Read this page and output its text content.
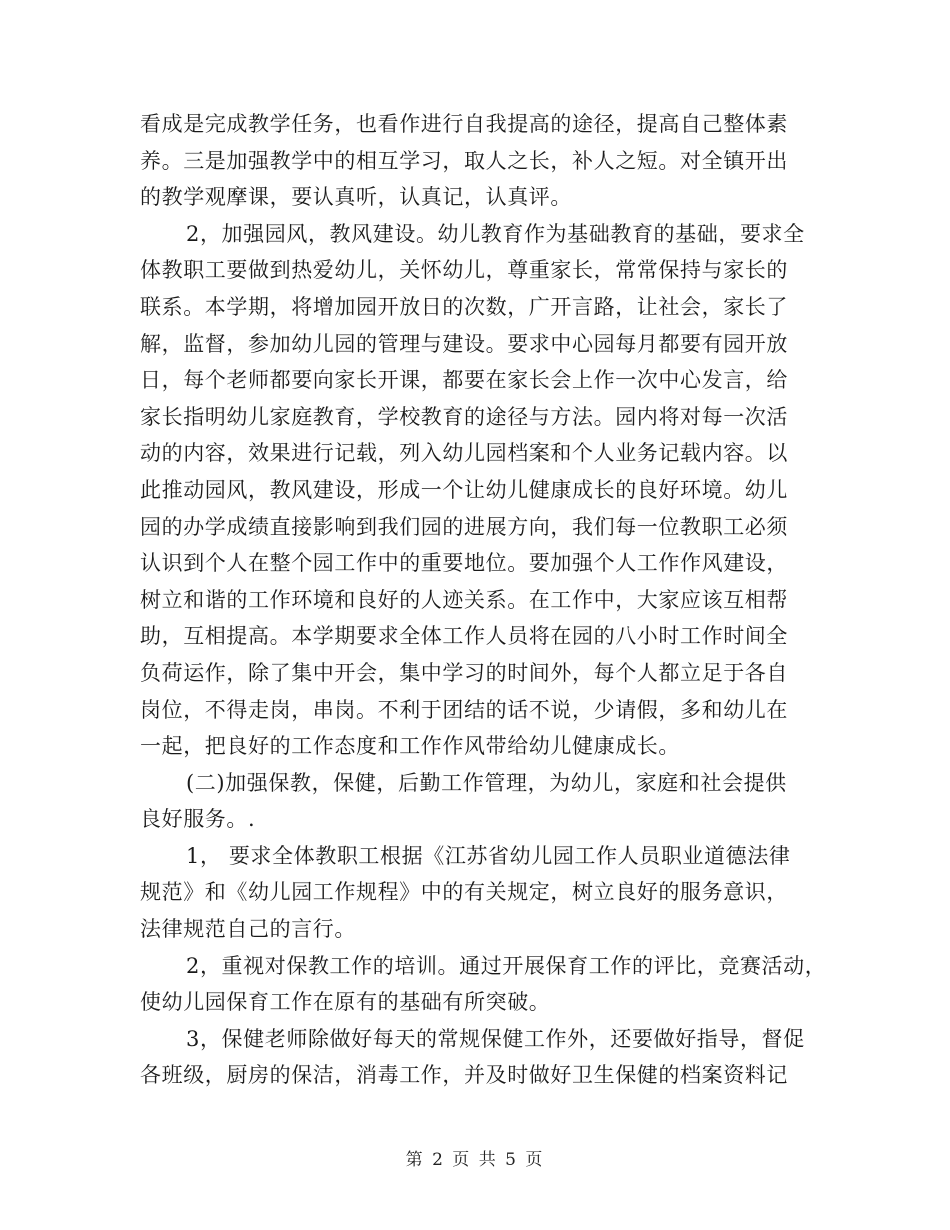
看成是完成教学任务，也看作进行自我提高的途径，提高自己整体素
养。三是加强教学中的相互学习，取人之长，补人之短。对全镇开出
的教学观摩课，要认真听，认真记，认真评。
2，加强园风，教风建设。幼儿教育作为基础教育的基础，要求全
体教职工要做到热爱幼儿，关怀幼儿，尊重家长，常常保持与家长的
联系。本学期，将增加园开放日的次数，广开言路，让社会，家长了
解，监督，参加幼儿园的管理与建设。要求中心园每月都要有园开放
日，每个老师都要向家长开课，都要在家长会上作一次中心发言，给
家长指明幼儿家庭教育，学校教育的途径与方法。园内将对每一次活
动的内容，效果进行记载，列入幼儿园档案和个人业务记载内容。以
此推动园风，教风建设，形成一个让幼儿健康成长的良好环境。幼儿
园的办学成绩直接影响到我们园的进展方向，我们每一位教职工必须
认识到个人在整个园工作中的重要地位。要加强个人工作作风建设，
树立和谐的工作环境和良好的人迹关系。在工作中，大家应该互相帮
助，互相提高。本学期要求全体工作人员将在园的八小时工作时间全
负荷运作，除了集中开会，集中学习的时间外，每个人都立足于各自
岗位，不得走岗，串岗。不利于团结的话不说，少请假，多和幼儿在
一起，把良好的工作态度和工作作风带给幼儿健康成长。
(二)加强保教，保健，后勤工作管理，为幼儿，家庭和社会提供
良好服务。.
1， 要求全体教职工根据《江苏省幼儿园工作人员职业道德法律
规范》和《幼儿园工作规程》中的有关规定，树立良好的服务意识，
法律规范自己的言行。
2，重视对保教工作的培训。通过开展保育工作的评比，竞赛活动，
使幼儿园保育工作在原有的基础有所突破。
3，保健老师除做好每天的常规保健工作外，还要做好指导，督促
各班级，厨房的保洁，消毒工作，并及时做好卫生保健的档案资料记
第 2 页 共 5 页
